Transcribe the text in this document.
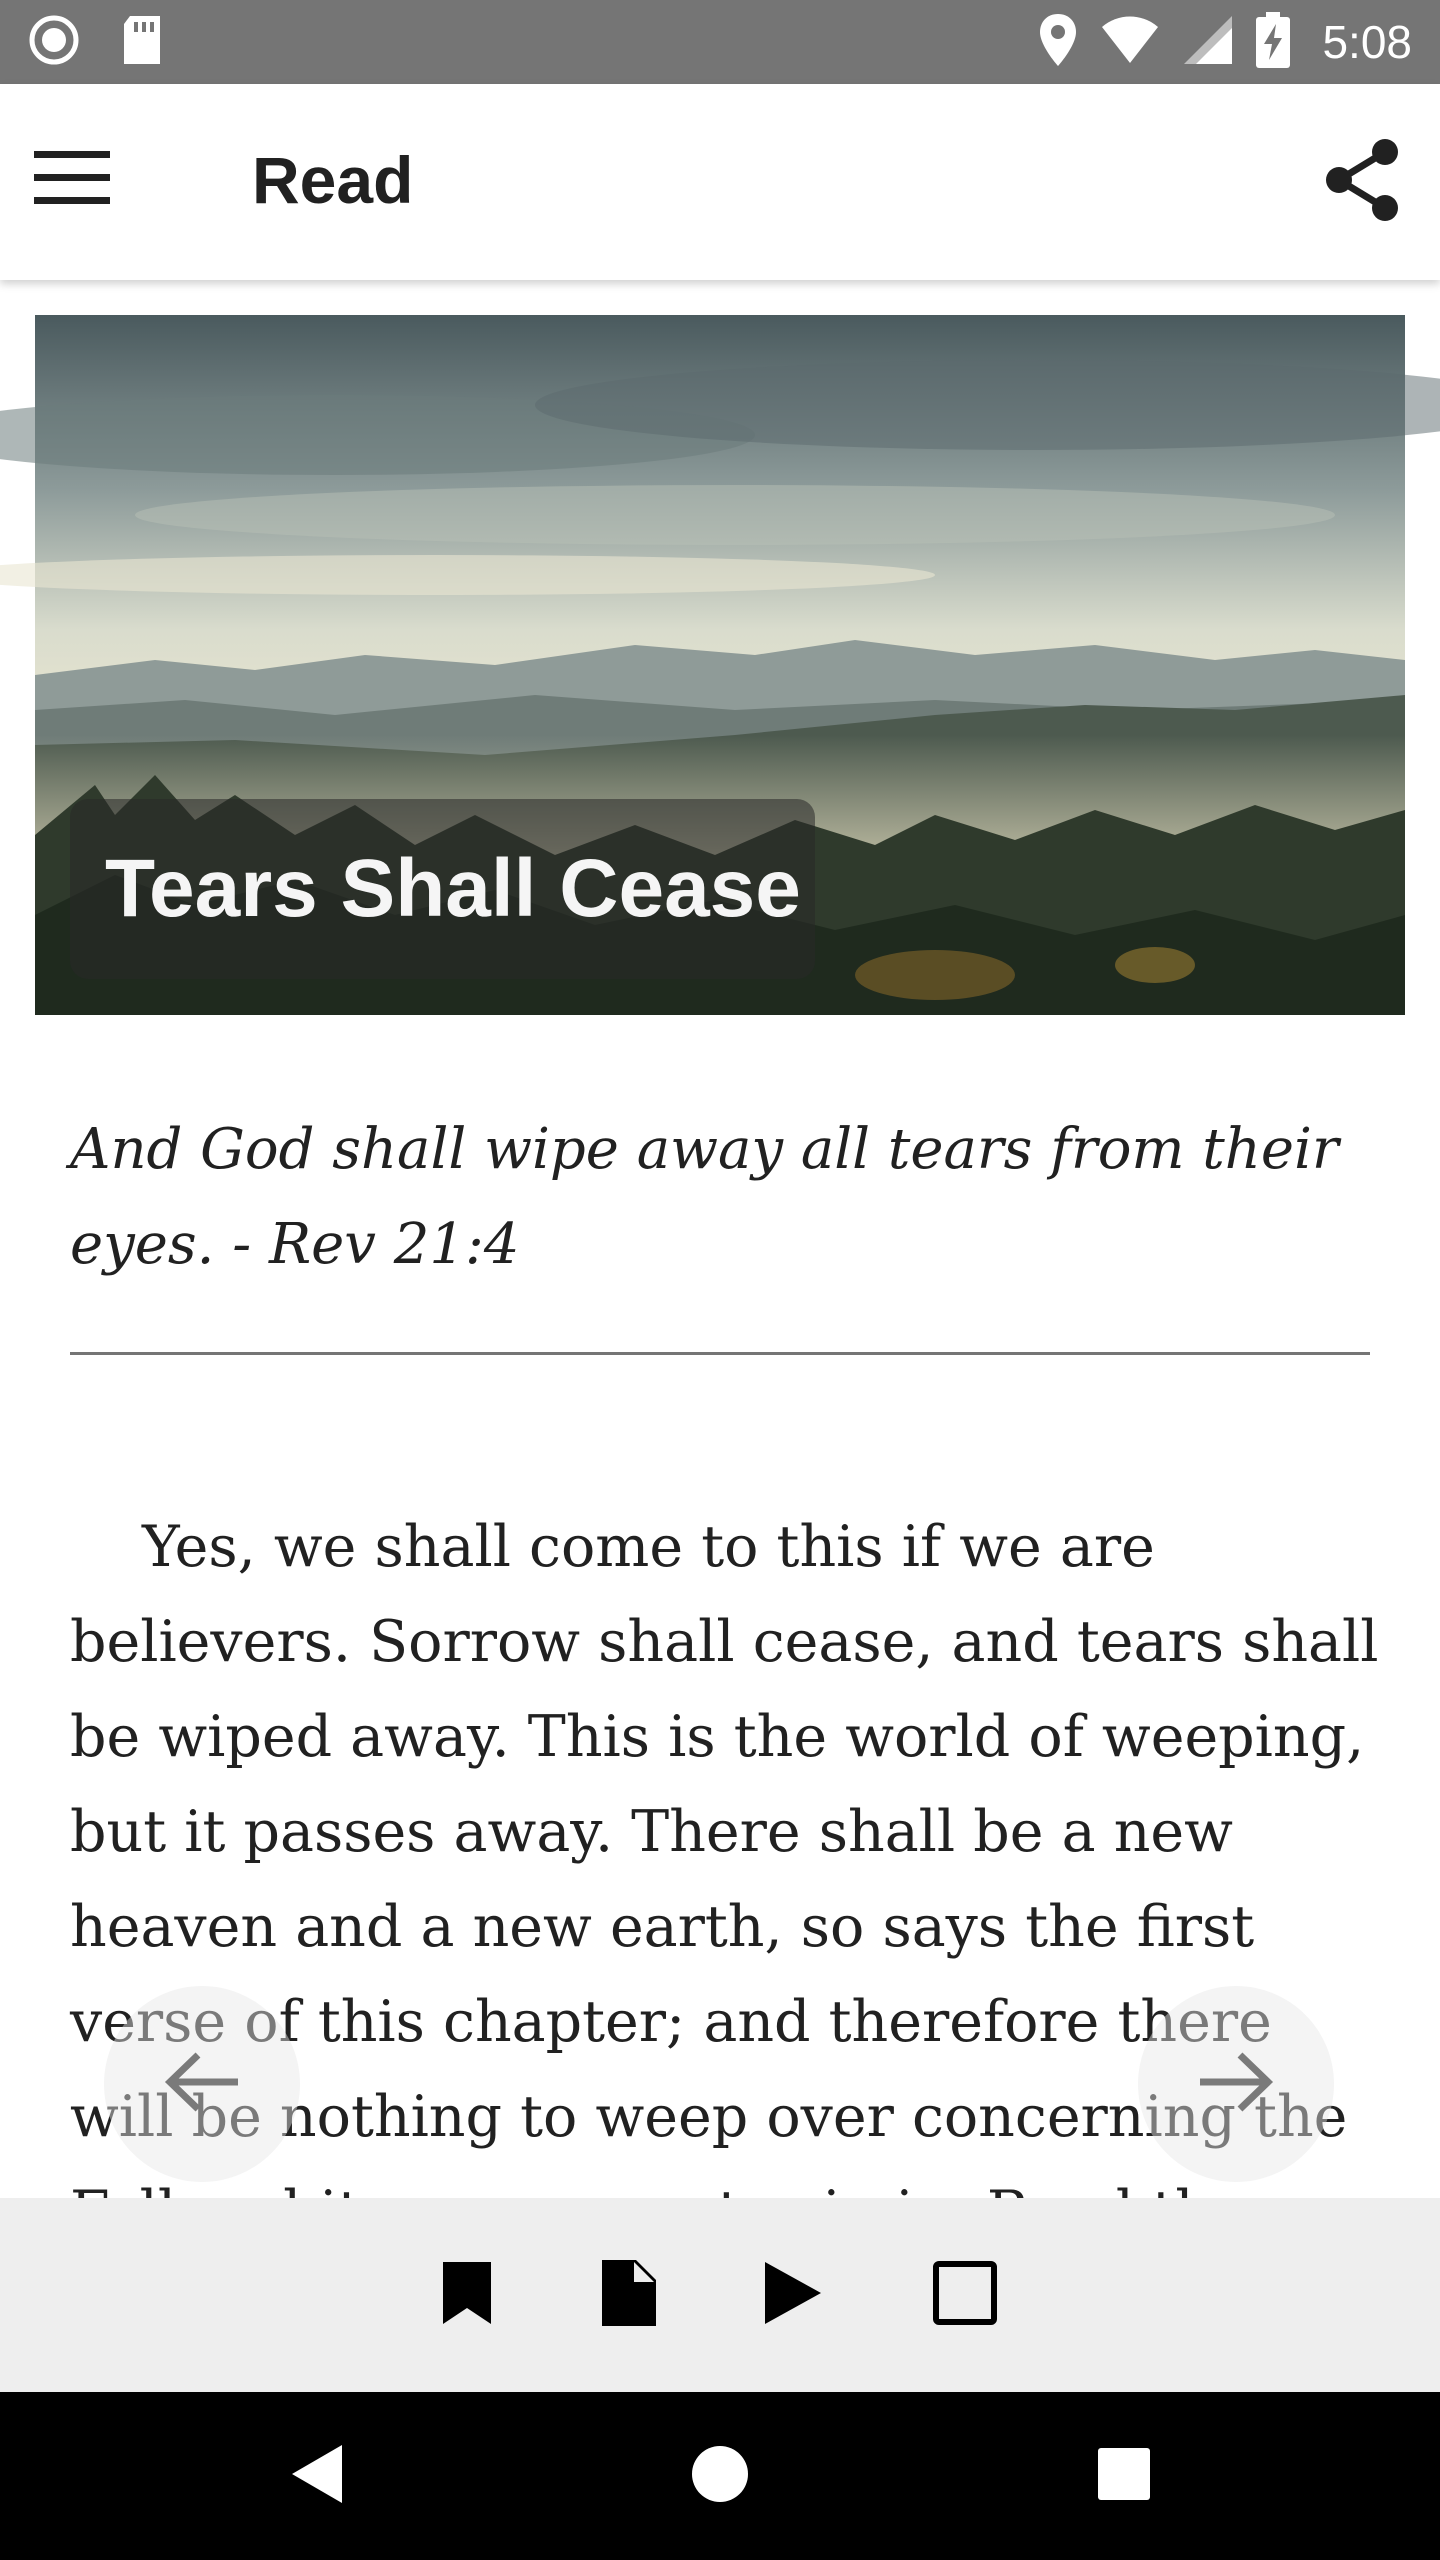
5:08
Read
Tears Shall Cease
And God shall wipe away all tears from their eyes. - Rev 21:4

Yes, we shall come to this if we are believers. Sorrow shall cease, and tears shall be wiped away. This is the world of weeping, but it passes away. There shall be a new heaven and a new earth, so says the first verse of this chapter; and therefore there will be nothing to weep over concerning the
